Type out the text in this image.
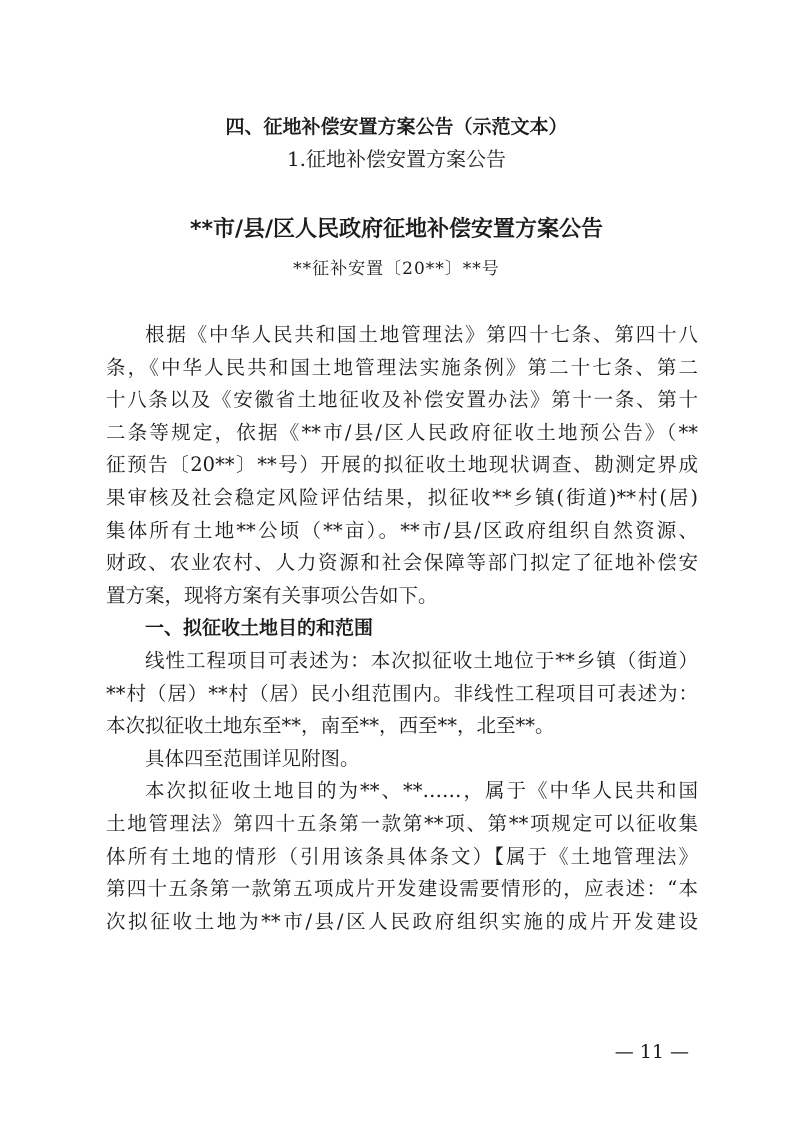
四、征地补偿安置方案公告（示范文本）
1.征地补偿安置方案公告
**市/县/区人民政府征地补偿安置方案公告
**征补安置〔20**〕**号
根据《中华人民共和国土地管理法》第四十七条、第四十八
条，《中华人民共和国土地管理法实施条例》第二十七条、第二
十八条以及《安徽省土地征收及补偿安置办法》第十一条、第十
二条等规定，依据《**市/县/区人民政府征收土地预公告》（**
征预告〔20**〕**号）开展的拟征收土地现状调查、勘测定界成
果审核及社会稳定风险评估结果，拟征收**乡镇(街道)**村(居)
集体所有土地**公顷（**亩）。**市/县/区政府组织自然资源、
财政、农业农村、人力资源和社会保障等部门拟定了征地补偿安
置方案，现将方案有关事项公告如下。
一、拟征收土地目的和范围
线性工程项目可表述为：本次拟征收土地位于**乡镇（街道）
**村（居）**村（居）民小组范围内。非线性工程项目可表述为：
本次拟征收土地东至**，南至**，西至**，北至**。
具体四至范围详见附图。
本次拟征收土地目的为**、**……，属于《中华人民共和国
土地管理法》第四十五条第一款第**项、第**项规定可以征收集
体所有土地的情形（引用该条具体条文）【属于《土地管理法》
第四十五条第一款第五项成片开发建设需要情形的，应表述：“本
次拟征收土地为**市/县/区人民政府组织实施的成片开发建设
— 11 —
